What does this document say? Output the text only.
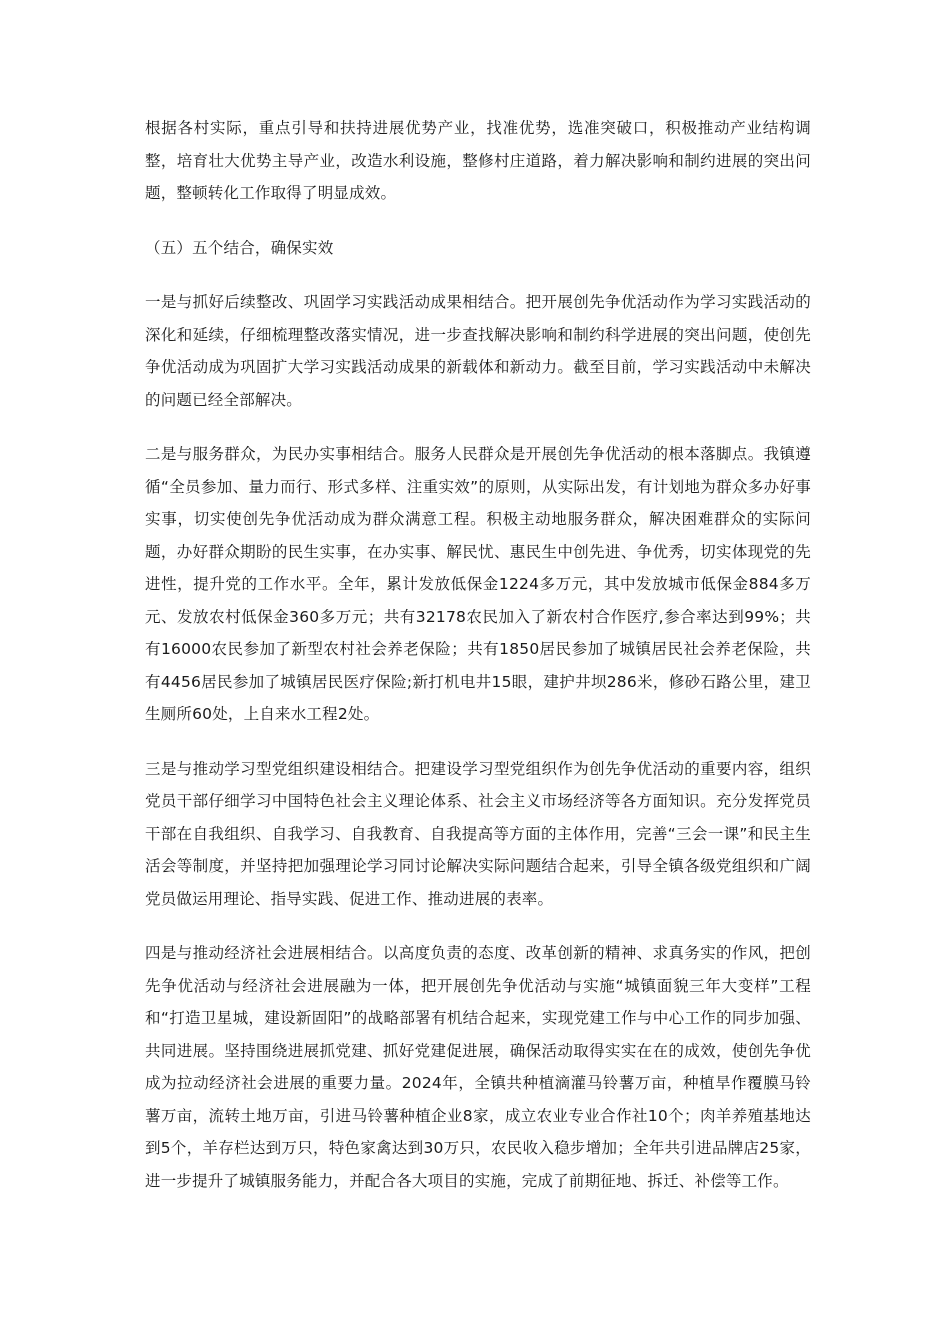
根据各村实际，重点引导和扶持进展优势产业，找准优势，选准突破口，积极推动产业结构调整，培育壮大优势主导产业，改造水利设施，整修村庄道路，着力解决影响和制约进展的突出问题，整顿转化工作取得了明显成效。

（五）五个结合，确保实效

一是与抓好后续整改、巩固学习实践活动成果相结合。把开展创先争优活动作为学习实践活动的深化和延续，仔细梳理整改落实情况，进一步查找解决影响和制约科学进展的突出问题，使创先争优活动成为巩固扩大学习实践活动成果的新载体和新动力。截至目前，学习实践活动中未解决的问题已经全部解决。

二是与服务群众，为民办实事相结合。服务人民群众是开展创先争优活动的根本落脚点。我镇遵循“全员参加、量力而行、形式多样、注重实效”的原则，从实际出发，有计划地为群众多办好事实事，切实使创先争优活动成为群众满意工程。积极主动地服务群众，解决困难群众的实际问题，办好群众期盼的民生实事，在办实事、解民忧、惠民生中创先进、争优秀，切实体现党的先进性，提升党的工作水平。全年，累计发放低保金1224多万元，其中发放城市低保金884多万元、发放农村低保金360多万元；共有32178农民加入了新农村合作医疗,参合率达到99%；共有16000农民参加了新型农村社会养老保险；共有1850居民参加了城镇居民社会养老保险，共有4456居民参加了城镇居民医疗保险;新打机电井15眼，建护井坝286米，修砂石路公里，建卫生厕所60处，上自来水工程2处。

三是与推动学习型党组织建设相结合。把建设学习型党组织作为创先争优活动的重要内容，组织党员干部仔细学习中国特色社会主义理论体系、社会主义市场经济等各方面知识。充分发挥党员干部在自我组织、自我学习、自我教育、自我提高等方面的主体作用，完善“三会一课”和民主生活会等制度，并坚持把加强理论学习同讨论解决实际问题结合起来，引导全镇各级党组织和广阔党员做运用理论、指导实践、促进工作、推动进展的表率。

四是与推动经济社会进展相结合。以高度负责的态度、改革创新的精神、求真务实的作风，把创先争优活动与经济社会进展融为一体，把开展创先争优活动与实施“城镇面貌三年大变样”工程和“打造卫星城，建设新固阳”的战略部署有机结合起来，实现党建工作与中心工作的同步加强、共同进展。坚持围绕进展抓党建、抓好党建促进展，确保活动取得实实在在的成效，使创先争优成为拉动经济社会进展的重要力量。2024年，全镇共种植滴灌马铃薯万亩，种植旱作覆膜马铃薯万亩，流转土地万亩，引进马铃薯种植企业8家，成立农业专业合作社10个；肉羊养殖基地达到5个，羊存栏达到万只，特色家禽达到30万只，农民收入稳步增加；全年共引进品牌店25家，进一步提升了城镇服务能力，并配合各大项目的实施，完成了前期征地、拆迁、补偿等工作。
